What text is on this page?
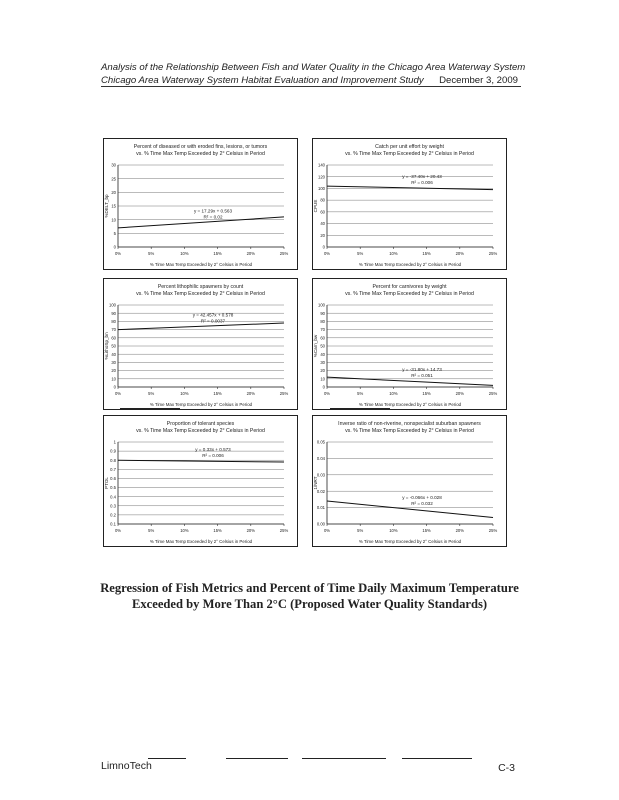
Analysis of the Relationship Between Fish and Water Quality in the Chicago Area Waterway System
Chicago Area Waterway System Habitat Evaluation and Improvement Study December 3, 2009
Percent of diseased or with eroded fins, lesions, or tumors
vs. % Time Max Temp Exceeded by 2° Celsius in Period
0
5
10
15
20
25
30
0%	5%	10%	15%	20%	25%
y = 17.29x + 0.563
R² = 0.02
% Time Max Temp Exceeded by 2° Celsius in Period
%DELT_bp
Catch per unit effort by weight
vs. % Time Max Temp Exceeded by 2° Celsius in Period
0
20
40
60
80
100
120
140
0%	5%	10%	15%	20%	25%
y = -37.40x + 20.43
R² = 0.006
% Time Max Temp Exceeded by 2° Celsius in Period
CPUE
Percent lithophilic spawners by count
vs. % Time Max Temp Exceeded by 2° Celsius in Period
0
10
20
30
40
50
60
70
80
90
100
0%	5%	10%	15%	20%	25%
y = 42.457x + 0.578
R² = 0.0037
% Time Max Temp Exceeded by 2° Celsius in Period
%LithoSp_bn
Percent for carnivores by weight
vs. % Time Max Temp Exceeded by 2° Celsius in Period
0
10
20
30
40
50
60
70
80
90
100
0%	5%	10%	15%	20%	25%
y = -31.80x + 14.73
R² = 0.051
% Time Max Temp Exceeded by 2° Celsius in Period
%Carn_bw
Proportion of tolerant species
vs. % Time Max Temp Exceeded by 2° Celsius in Period
0.1
0.2
0.3
0.4
0.5
0.6
0.7
0.8
0.9
1
0%	5%	10%	15%	20%	25%
y = 0.33x + 0.573
R² = 0.006
% Time Max Temp Exceeded by 2° Celsius in Period
PTOL
Inverse ratio of non-riverine, nonspecialist suburban spawners
vs. % Time Max Temp Exceeded by 2° Celsius in Period
0.00
0.01
0.02
0.03
0.04
0.05
0%	5%	10%	15%	20%	25%
y = -0.066x + 0.028
R² = 0.032
% Time Max Temp Exceeded by 2° Celsius in Period
1/NRT
Regression of Fish Metrics and Percent of Time Daily Maximum Temperature
Exceeded by More Than 2°C (Proposed Water Quality Standards)
LimnoTech	C-3
